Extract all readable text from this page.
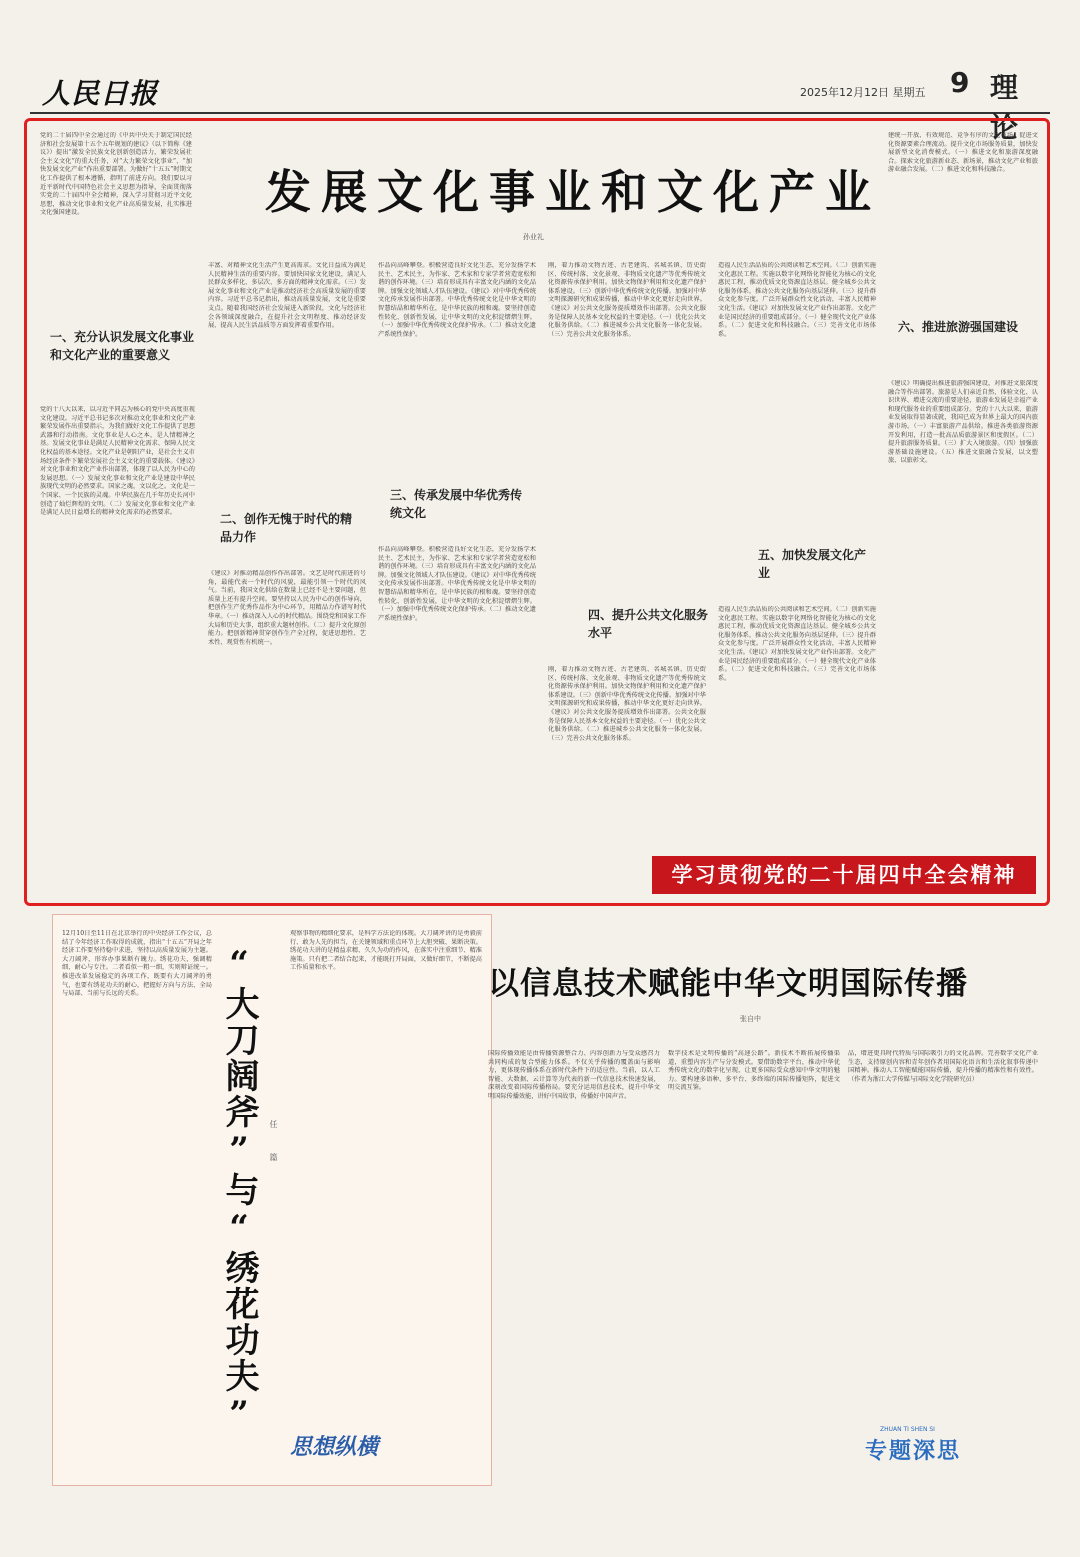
人民日报	2025年12月12日 星期五 9 理论

党的二十届四中全会通过的《中共中央关于制定国民经济和社会发展第十五个五年规划的建议》（以下简称《建议》）提出“激发全民族文化创新创造活力，繁荣发展社会主义文化”的重大任务，对“大力繁荣文化事业”、“加快发展文化产业”作出重要部署。为做好“十五五”时期文化工作提供了根本遵循，指明了前进方向。我们要以习近平新时代中国特色社会主义思想为指导，全面贯彻落实党的二十届四中全会精神，深入学习贯彻习近平文化思想，推动文化事业和文化产业高质量发展，扎实推进文化强国建设。	发展文化事业和文化产业
孙业礼
一、充分认识发展文化事业和文化产业的重要意义

党的十八大以来，以习近平同志为核心的党中央高度重视文化建设。习近平总书记多次对推动文化事业和文化产业繁荣发展作出重要指示，为我们做好文化工作提供了思想武器和行动指南。文化事业是人心之本，是人情精神之基。发展文化事业是满足人民精神文化需求、保障人民文化权益的基本途径。文化产业是朝阳产业，是社会主义市场经济条件下繁荣发展社会主义文化的重要载体。《建议》对文化事业和文化产业作出部署，体现了以人民为中心的发展思想。（一）发展文化事业和文化产业是建设中华民族现代文明的必然要求。国家之魂，文以化之。文化是一个国家、一个民族的灵魂。中华民族在几千年历史长河中创造了灿烂辉煌的文明。（二）发展文化事业和文化产业是满足人民日益增长的精神文化需求的必然要求。

丰富、对精神文化生活产生更高需求。文化日益成为满足人民精神生活的重要内容。要加快国家文化建设，满足人民群众多样化、多层次、多方面的精神文化需求。（三）发展文化事业和文化产业是推动经济社会高质量发展的重要内容。习近平总书记指出，推动高质量发展，文化是重要支点。随着我国经济社会发展进入新阶段，文化与经济社会各领域深度融合，在提升社会文明程度、推动经济发展、提高人民生活品质等方面发挥着重要作用。

二、创作无愧于时代的精品力作

《建议》对推动精品创作作出部署。文艺是时代前进的号角，最能代表一个时代的风貌，最能引领一个时代的风气。当前，我国文化供给在数量上已经不是主要问题，但质量上还有提升空间。要坚持以人民为中心的创作导向，把创作生产优秀作品作为中心环节，用精品力作谱写时代华章。（一）推动深入人心的时代精品。围绕党和国家工作大局和历史大事，组织重大题材创作。（二）提升文化原创能力。把创新精神贯穿创作生产全过程，促进思想性、艺术性、观赏性有机统一。

作品向高峰攀登。积极营造良好文化生态，充分发扬学术民主、艺术民主，为作家、艺术家和专家学者营造宽松和谐的创作环境。（三）培育形成具有丰富文化内涵的文化品牌。加强文化领域人才队伍建设。《建议》对中华优秀传统文化传承发展作出部署。中华优秀传统文化是中华文明的智慧结晶和精华所在，是中华民族的根和魂。要坚持创造性转化、创新性发展，让中华文明的文化积淀熠熠生辉。（一）加强中华优秀传统文化保护传承。（二）推动文化遗产系统性保护。

三、传承发展中华优秀传统文化

作品向高峰攀登。积极营造良好文化生态，充分发扬学术民主、艺术民主，为作家、艺术家和专家学者营造宽松和谐的创作环境。（三）培育形成具有丰富文化内涵的文化品牌。加强文化领域人才队伍建设。《建议》对中华优秀传统文化传承发展作出部署。中华优秀传统文化是中华文明的智慧结晶和精华所在，是中华民族的根和魂。要坚持创造性转化、创新性发展，让中华文明的文化积淀熠熠生辉。（一）加强中华优秀传统文化保护传承。（二）推动文化遗产系统性保护。

刚，着力推动文物古迹、古老建筑、名城名镇、历史街区、传统村落、文化景观、非物质文化遗产等优秀传统文化资源传承保护利用。加快文物保护利用和文化遗产保护体系建设。（三）创新中华优秀传统文化传播。加强对中华文明探源研究和成果传播，推动中华文化更好走向世界。《建议》对公共文化服务提质增效作出部署。公共文化服务是保障人民基本文化权益的主要途径。（一）优化公共文化服务供给。（二）推进城乡公共文化服务一体化发展。（三）完善公共文化服务体系。

四、提升公共文化服务水平

刚，着力推动文物古迹、古老建筑、名城名镇、历史街区、传统村落、文化景观、非物质文化遗产等优秀传统文化资源传承保护利用。加快文物保护利用和文化遗产保护体系建设。（三）创新中华优秀传统文化传播。加强对中华文明探源研究和成果传播，推动中华文化更好走向世界。《建议》对公共文化服务提质增效作出部署。公共文化服务是保障人民基本文化权益的主要途径。（一）优化公共文化服务供给。（二）推进城乡公共文化服务一体化发展。（三）完善公共文化服务体系。

造福人民生活品质的公共阅读和艺术空间。（二）创新实施文化惠民工程。实施以数字化网络化智能化为核心的文化惠民工程，推动优质文化资源直达基层。健全城乡公共文化服务体系，推动公共文化服务向基层延伸。（三）提升群众文化参与度。广泛开展群众性文化活动，丰富人民精神文化生活。《建议》对加快发展文化产业作出部署。文化产业是国民经济的重要组成部分。（一）健全现代文化产业体系。（二）促进文化和科技融合。（三）完善文化市场体系。

五、加快发展文化产业

造福人民生活品质的公共阅读和艺术空间。（二）创新实施文化惠民工程。实施以数字化网络化智能化为核心的文化惠民工程，推动优质文化资源直达基层。健全城乡公共文化服务体系，推动公共文化服务向基层延伸。（三）提升群众文化参与度。广泛开展群众性文化活动，丰富人民精神文化生活。《建议》对加快发展文化产业作出部署。文化产业是国民经济的重要组成部分。（一）健全现代文化产业体系。（二）促进文化和科技融合。（三）完善文化市场体系。

建统一开放、有效规范、竞争有序的文化市场，促进文化资源要素合理流动。提升文化市场服务质量，加快发展新型文化消费模式。（一）推进文化和旅游深度融合。探索文化旅游新业态、新场景，推动文化产业和旅游业融合发展。（二）推进文化和科技融合。

六、推进旅游强国建设

《建议》明确提出推进旅游强国建设，对推进文旅深度融合等作出部署。旅游是人们亲近自然、体验文化、认识世界、增进交流的重要途径，旅游业发展是幸福产业和现代服务业的重要组成部分。党的十八大以来，旅游业发展取得显著成就，我国已成为世界上最大的国内旅游市场。（一）丰富旅游产品供给。推进各类旅游资源开发利用，打造一批高品质旅游景区和度假区。（二）提升旅游服务质量。（三）扩大入境旅游。（四）加强旅游基础设施建设。（五）推进文旅融合发展，以文塑旅、以旅彰文。

学习贯彻党的二十届四中全会精神

12月10日至11日在北京举行的中央经济工作会议，总结了今年经济工作取得的成就，指出“十五五”开局之年经济工作要坚持稳中求进，坚持以高质量发展为主题。大刀阔斧，形容办事果断有魄力。绣花功夫，强调精细、耐心与专注。二者看似一粗一细，实则辩证统一。推进改革发展稳定的各项工作，既要有大刀阔斧的勇气，也要有绣花功夫的耐心，把握好方向与方法、全局与局部、当前与长远的关系。	“大刀阔斧”与“绣花功夫”	任 篇

观察事物的精细化要求，是科学方法论的体现。大刀阔斧讲的是勇毅前行、敢为人先的担当，在关键领域和重点环节上大胆突破、果断决策。绣花功夫讲的是精益求精、久久为功的作风，在落实中注重细节、精准施策。只有把二者结合起来，才能既打开局面，又做好细节，不断提高工作质量和水平。

思想纵横
以信息技术赋能中华文明国际传播
张自中

国际传播效能是由传播资源整合力、内容创新力与受众感召力共同构成的复合型能力体系。不仅关乎传播的覆盖面与影响力，更体现传播体系在新时代条件下的适应性。当前，以人工智能、大数据、云计算等为代表的新一代信息技术快速发展，深刻改变着国际传播格局。要充分运用信息技术，提升中华文明国际传播效能，讲好中国故事，传播好中国声音。

数字技术是文明传播的“高速公路”。新技术不断拓展传播渠道，重塑内容生产与分发模式。要借助数字平台，推动中华优秀传统文化的数字化呈现，让更多国际受众感知中华文明的魅力。要构建多语种、多平台、多终端的国际传播矩阵，促进文明交流互鉴。

品，增进更具时代特质与国际吸引力的文化品牌。完善数字文化产业生态，支持原创内容和青年创作者用国际化语言和生活化叙事传递中国精神。推动人工智能赋能国际传播，提升传播的精准性和有效性。（作者为浙江大学传媒与国际文化学院研究员）

ZHUAN TI SHEN SI
专题深思
